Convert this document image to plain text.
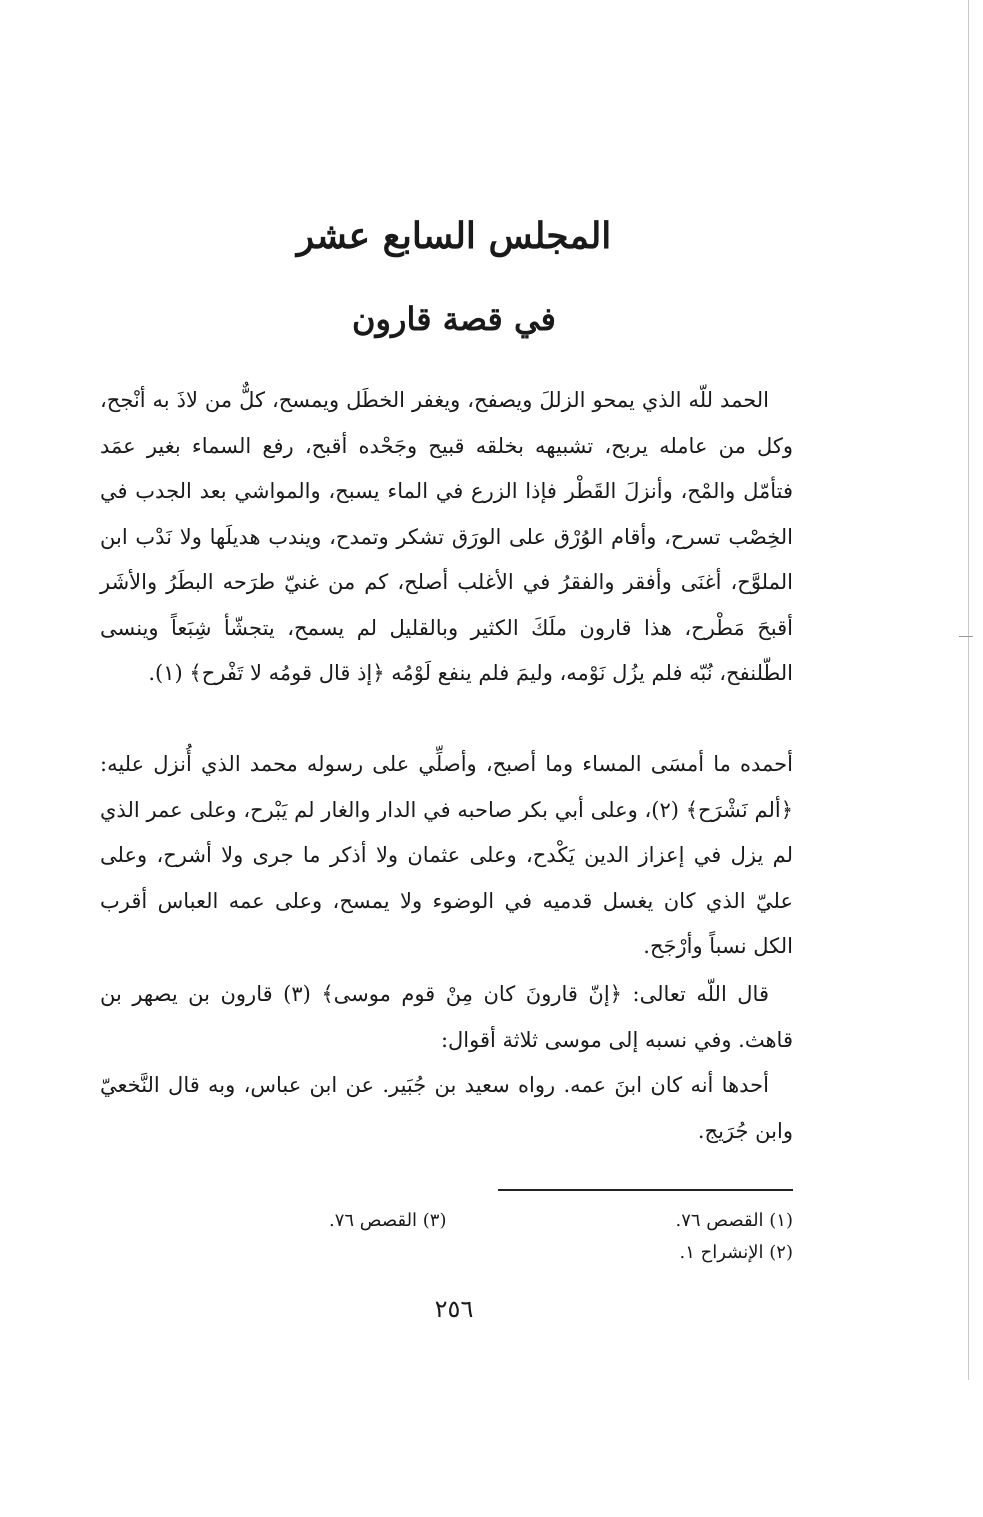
المجلس السابع عشر
في قصة قارون

الحمد للّه الذي يمحو الزللَ ويصفح، ويغفر الخطَل ويمسح، كلٌّ من لاذَ به أنْجح، وكل من عامله يربح، تشبيهه بخلقه قبيح وجَحْده أقبح، رفع السماء بغير عمَد فتأمّل والمْح، وأنزلَ القَطْر فإذا الزرع في الماء يسبح، والمواشي بعد الجدب في الخِصْب تسرح، وأقام الوُرْق على الورَق تشكر وتمدح، ويندب هديلَها ولا نَدْب ابن الملوَّح، أغنَى وأفقر والفقرُ في الأغلب أصلح، كم من غنيّ طرَحه البطَرُ والأشَر أقبحَ مَطْرح، هذا قارون ملَكَ الكثير وبالقليل لم يسمح، يتجشّأ شِبَعاً وينسى الطّلنفح، نُبّه فلم يزُل نَوْمه، وليمَ فلم ينفع لَوْمُه ﴿إذ قال قومُه لا تَفْرح﴾ (١).

أحمده ما أمسَى المساء وما أصبح، وأصلِّي على رسوله محمد الذي أُنزل عليه: ﴿ألم نَشْرَح﴾ (٢)، وعلى أبي بكر صاحبه في الدار والغار لم يَبْرح، وعلى عمر الذي لم يزل في إعزاز الدين يَكْدح، وعلى عثمان ولا أذكر ما جرى ولا أشرح، وعلى عليّ الذي كان يغسل قدميه في الوضوء ولا يمسح، وعلى عمه العباس أقرب الكل نسباً وأرْجَح.

قال اللّه تعالى: ﴿إنّ قارونَ كان مِنْ قوم موسى﴾ (٣) قارون بن يصهر بن قاهث. وفي نسبه إلى موسى ثلاثة أقوال:

أحدها أنه كان ابنَ عمه. رواه سعيد بن جُبَير. عن ابن عباس، وبه قال النَّخعيّ وابن جُرَيج.

(١) القصص ٧٦.
(٣) القصص ٧٦.
(٢) الإنشراح ١.
٢٥٦
